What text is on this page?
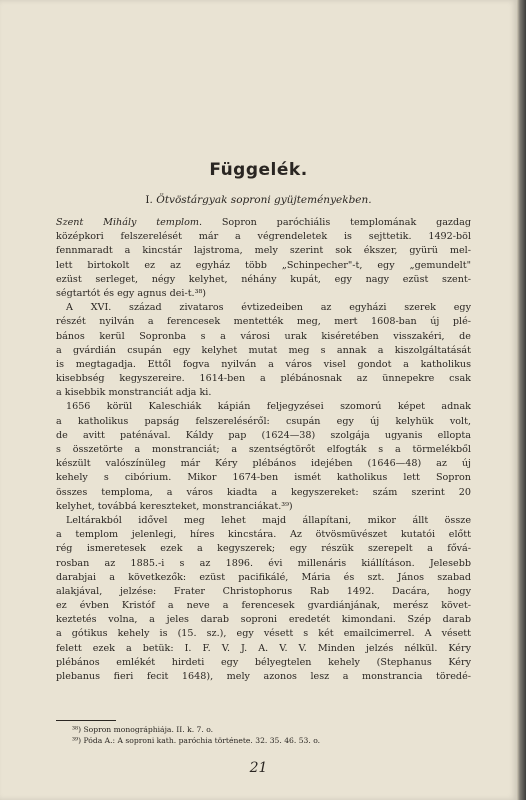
Függelék.

I. Ötvöstárgyak soproni gyüjteményekben.

Szent Mihály templom. Sopron paróchiális templomának gazdag
középkori felszerelését már a végrendeletek is sejttetik. 1492-böl
fennmaradt a kincstár lajstroma, mely szerint sok ékszer, gyürü mel-
lett birtokolt ez az egyház több „Schinpecher"-t, egy „gemundelt"
ezüst serleget, négy kelyhet, néhány kupát, egy nagy ezüst szent-
ségtartót és egy agnus dei-t.³⁸)
A XVI. század zivataros évtizedeiben az egyházi szerek egy
részét nyilván a ferencesek mentették meg, mert 1608-ban új plé-
bános kerül Sopronba s a városi urak kiséretében visszakéri, de
a gvárdián csupán egy kelyhet mutat meg s annak a kiszolgáltatását
is megtagadja. Ettől fogva nyilván a város visel gondot a katholikus
kisebbség kegyszereire. 1614-ben a plébánosnak az ünnepekre csak
a kisebbik monstranciát adja ki.
1656 körül Kaleschiák kápián feljegyzései szomorú képet adnak
a katholikus papság felszereléséről: csupán egy új kelyhük volt,
de avitt paténával. Káldy pap (1624—38) szolgája ugyanis ellopta
s összetörte a monstranciát; a szentségtörőt elfogták s a törmelékből
készült valószínüleg már Kéry plébános idejében (1646—48) az új
kehely s cibórium. Mikor 1674-ben ismét katholikus lett Sopron
összes temploma, a város kiadta a kegyszereket: szám szerint 20
kelyhet, továbbá kereszteket, monstranciákat.³⁹)
Leltárakból idővel meg lehet majd állapítani, mikor állt össze
a templom jelenlegi, híres kincstára. Az ötvösmüvészet kutatói előtt
rég ismeretesek ezek a kegyszerek; egy részük szerepelt a fővá-
rosban az 1885.-i s az 1896. évi millenáris kiállításon. Jelesebb
darabjai a következők: ezüst pacifikálé, Mária és szt. János szabad
alakjával, jelzése: Frater Christophorus Rab 1492. Dacára, hogy
ez évben Kristóf a neve a ferencesek gvardiánjának, merész követ-
keztetés volna, a jeles darab soproni eredetét kimondani. Szép darab
a gótikus kehely is (15. sz.), egy vésett s két emailcimerrel. A vésett
felett ezek a betük: I. F. V. J. A. V. V. Minden jelzés nélkül. Kéry
plébános emlékét hirdeti egy bélyegtelen kehely (Stephanus Kéry
plebanus fieri fecit 1648), mely azonos lesz a monstrancia töredé-
³⁸) Sopron monográphiája. II. k. 7. o.
³⁹) Póda A.: A soproni kath. paróchia története. 32. 35. 46. 53. o.
21
